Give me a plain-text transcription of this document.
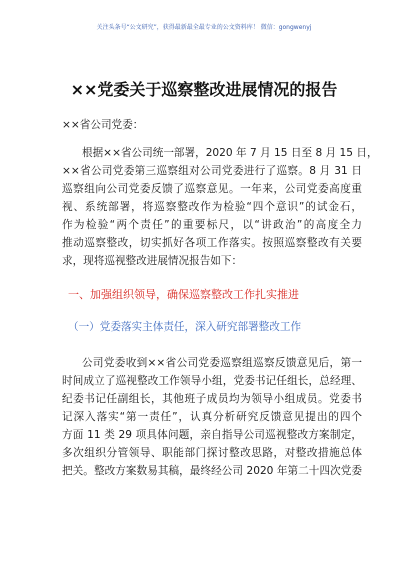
关注头条号“公文研究”，获得最新最全最专业的公文资料库！ 微信：gongwenyj
××党委关于巡察整改进展情况的报告
××省公司党委：
根据××省公司统一部署，2020 年 7 月 15 日至 8 月 15 日，
××省公司党委第三巡察组对公司党委进行了巡察。8 月 31 日
巡察组向公司党委反馈了巡察意见。一年来，公司党委高度重
视、系统部署，将巡察整改作为检验“四个意识”的试金石，
作为检验“两个责任”的重要标尺，以“讲政治”的高度全力
推动巡察整改，切实抓好各项工作落实。按照巡察整改有关要
求，现将巡视整改进展情况报告如下：
一、加强组织领导，确保巡察整改工作扎实推进
（一）党委落实主体责任，深入研究部署整改工作
公司党委收到××省公司党委巡察组巡察反馈意见后，第一
时间成立了巡视整改工作领导小组，党委书记任组长，总经理、
纪委书记任副组长，其他班子成员均为领导小组成员。党委书
记深入落实“第一责任”，认真分析研究反馈意见提出的四个
方面 11 类 29 项具体问题，亲自指导公司巡视整改方案制定，
多次组织分管领导、职能部门探讨整改思路，对整改措施总体
把关。整改方案数易其稿，最终经公司 2020 年第二十四次党委
